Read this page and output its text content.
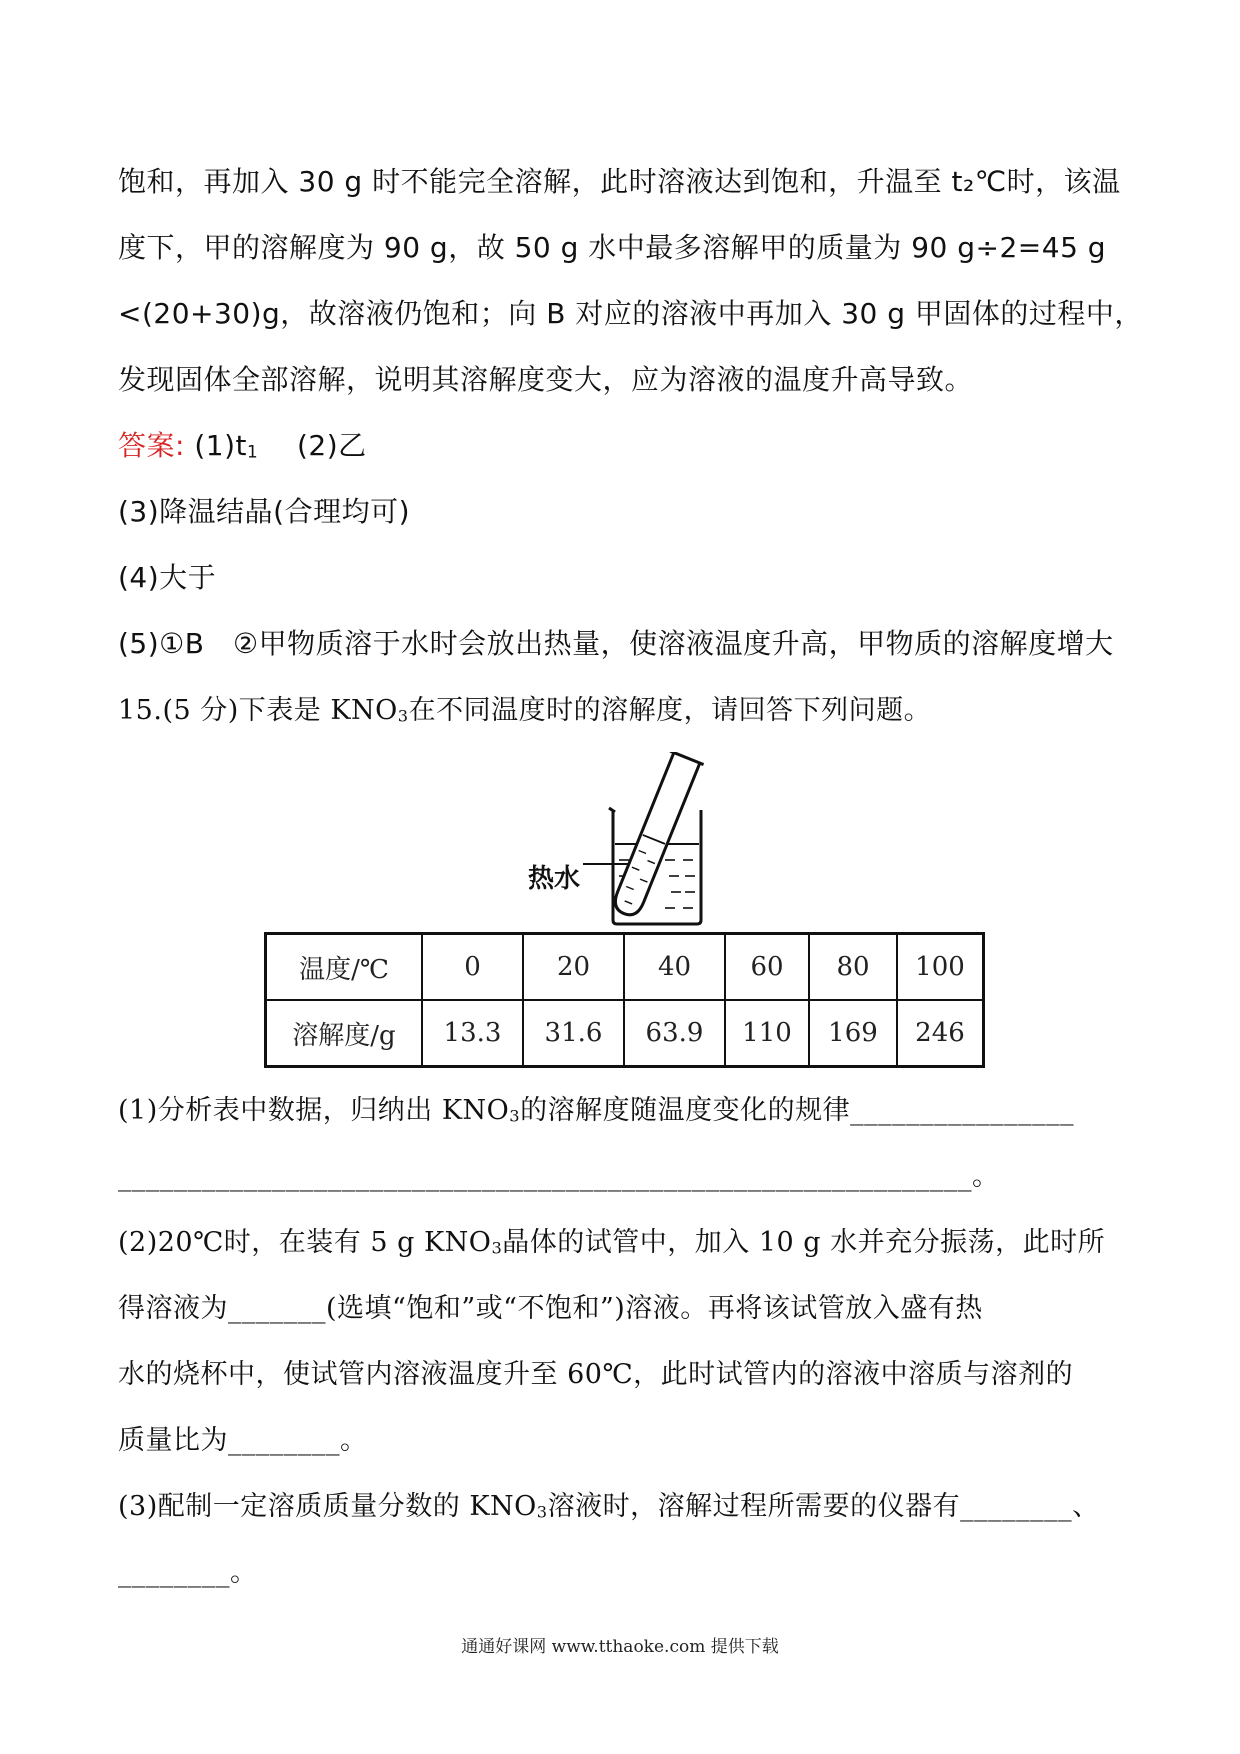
饱和，再加入 30 g 时不能完全溶解，此时溶液达到饱和，升温至 t₂℃时，该温
度下，甲的溶解度为 90 g，故 50 g 水中最多溶解甲的质量为 90 g÷2=45 g
<(20+30)g，故溶液仍饱和；向 B 对应的溶液中再加入 30 g 甲固体的过程中，
发现固体全部溶解，说明其溶解度变大，应为溶液的温度升高导致。
答案: $(1)t_1$ (2)乙
(3)降温结晶(合理均可)
(4)大于
(5)①B　②甲物质溶于水时会放出热量，使溶液温度升高，甲物质的溶解度增大
15.(5 分)下表是 $KNO_3$在不同温度时的溶解度，请回答下列问题。
热水
温度/℃	0	20	40	60	80	100
溶解度/g	13.3	31.6	63.9	110	169	246
(1)分析表中数据，归纳出 $KNO_3$的溶解度随温度变化的规律________________
_____________________________________________________________。
(2)20℃时，在装有 5 g $KNO_3$晶体的试管中，加入 10 g 水并充分振荡，此时所
得溶液为_______(选填“饱和”或“不饱和”)溶液。再将该试管放入盛有热
水的烧杯中，使试管内溶液温度升至 60℃，此时试管内的溶液中溶质与溶剂的
质量比为________。
(3)配制一定溶质质量分数的 $KNO_3$溶液时，溶解过程所需要的仪器有________、
________。
通通好课网 www.tthaoke.com 提供下载
